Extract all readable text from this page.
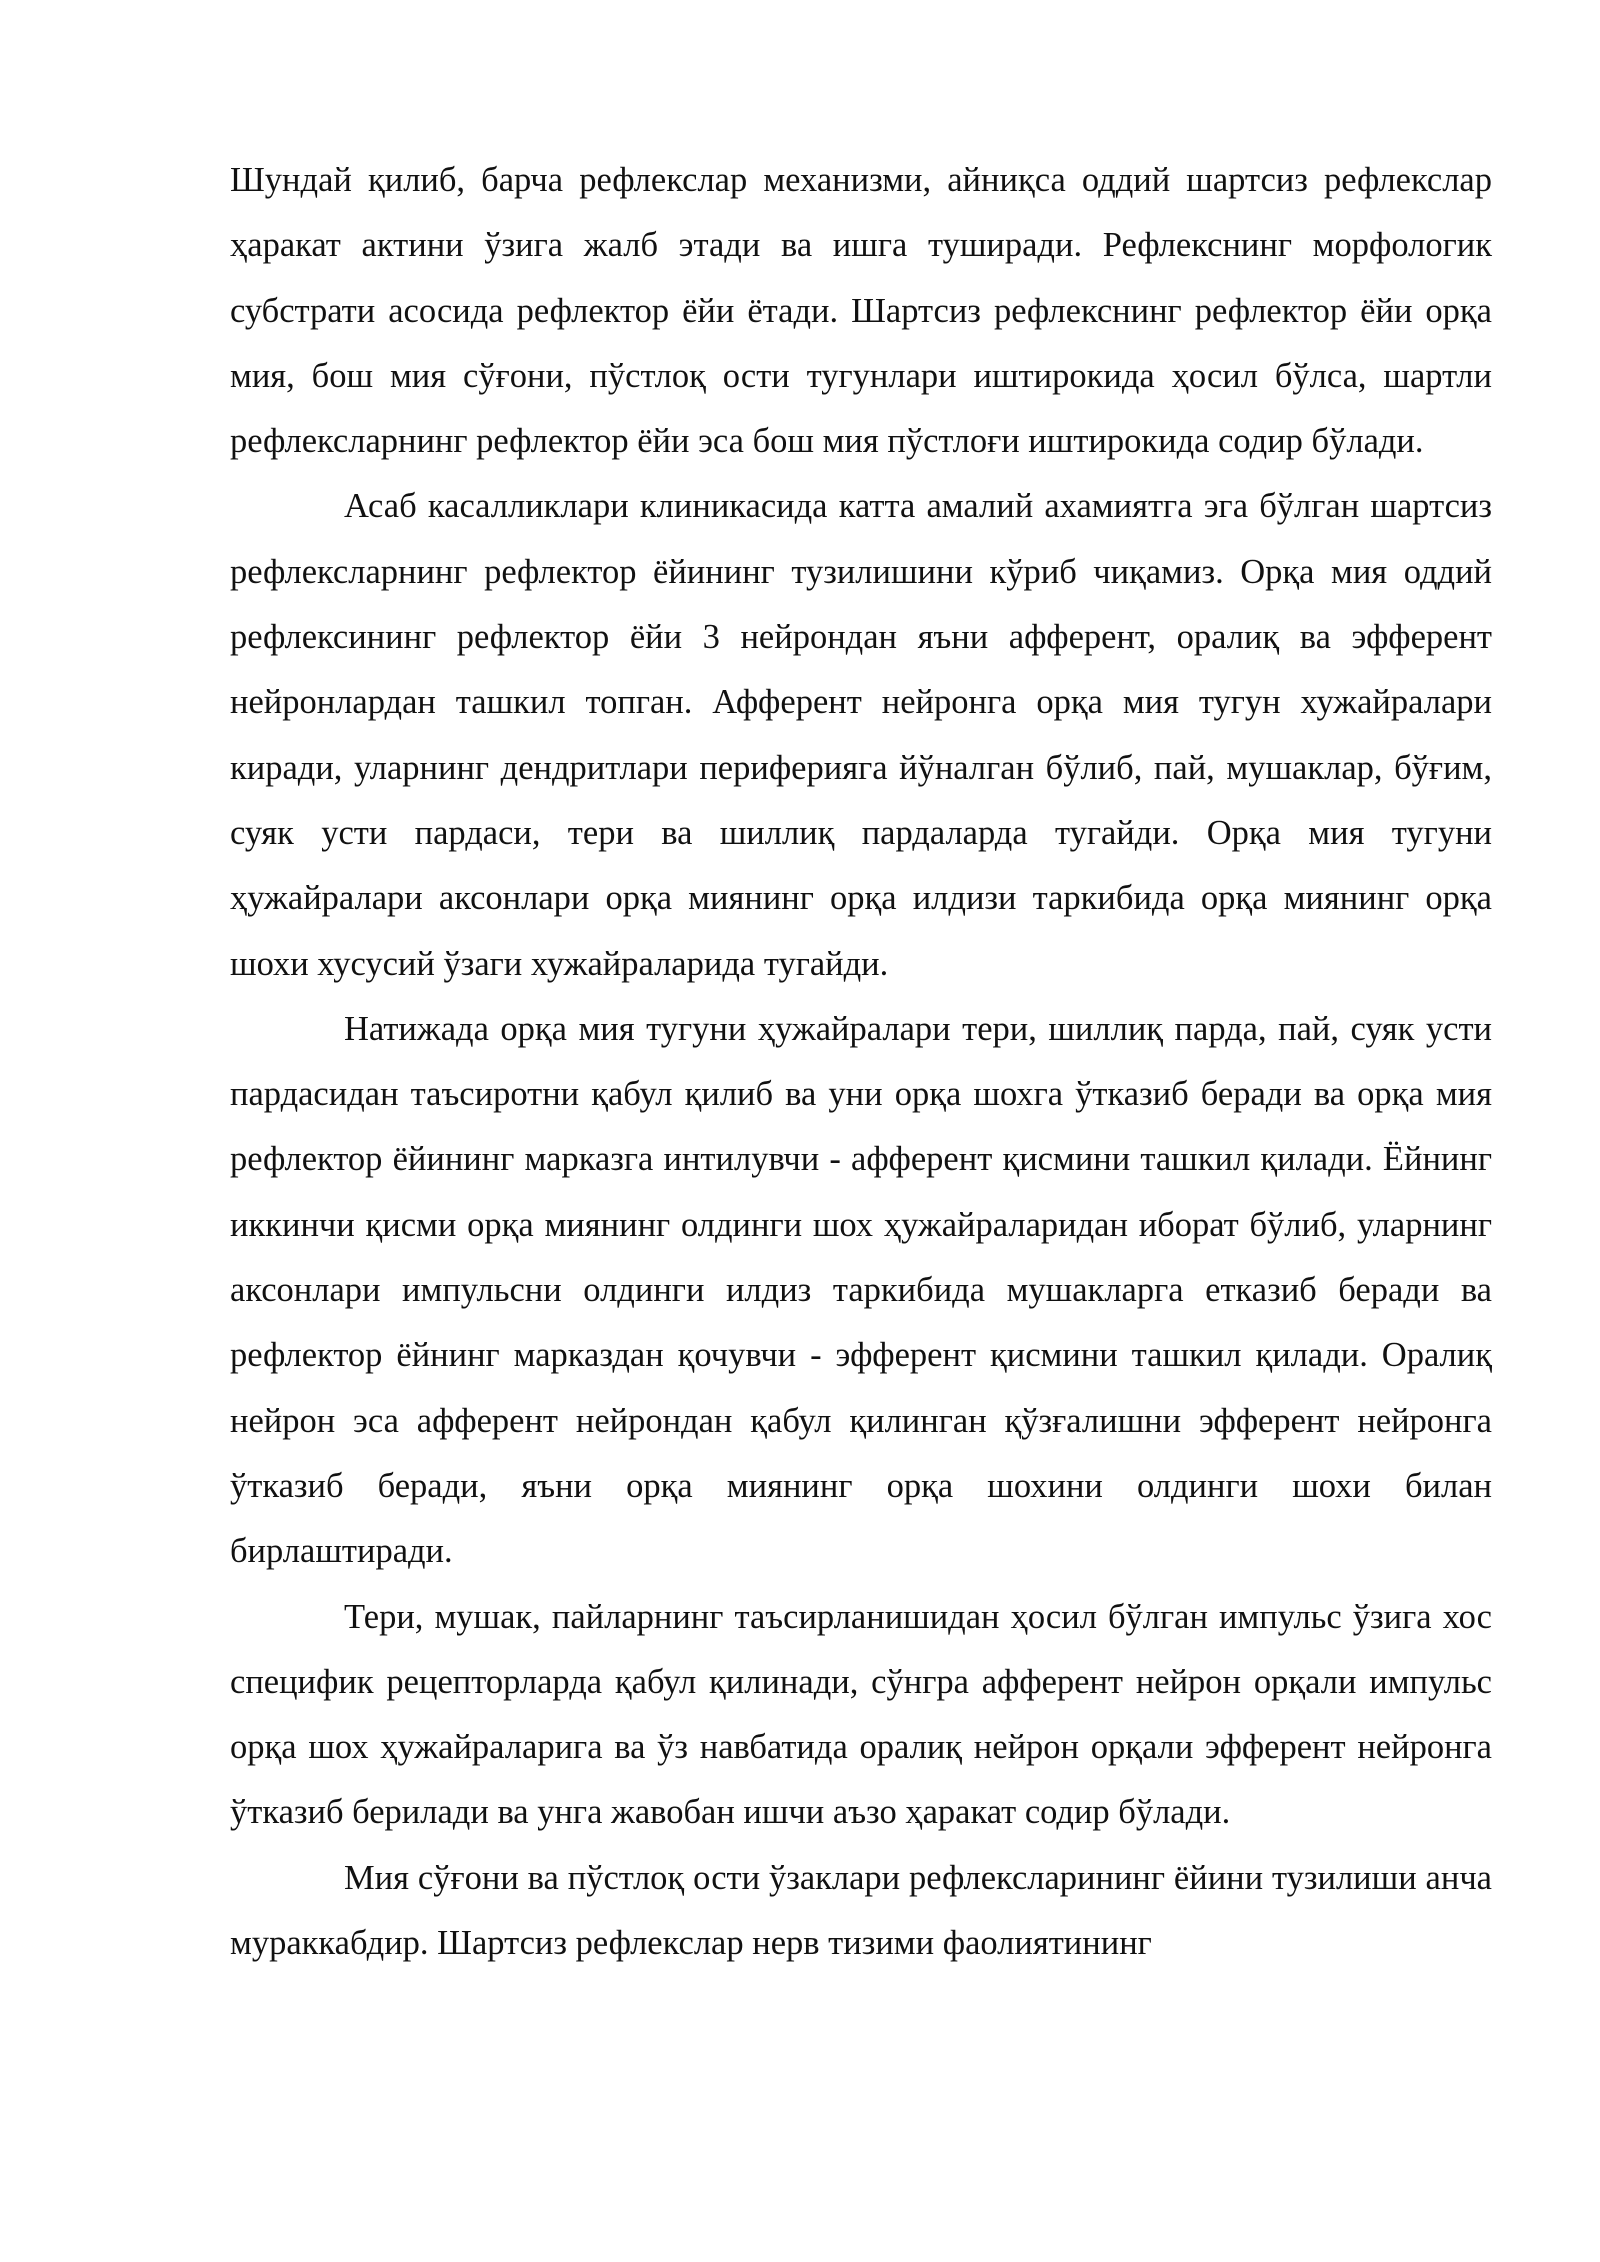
Шундай қилиб, барча рефлекслар механизми, айниқса оддий шартсиз рефлекслар ҳаракат актини ўзига жалб этади ва ишга туширади. Рефлекснинг морфологик субстрати асосида рефлектор ёйи ётади. Шартсиз рефлекснинг рефлектор ёйи орқа мия, бош мия сўғони, пўстлоқ ости тугунлари иштирокида ҳосил бўлса, шартли рефлексларнинг рефлектор ёйи эса бош мия пўстлоғи иштирокида содир бўлади.

Асаб касалликлари клиникасида катта амалий ахамиятга эга бўлган шартсиз рефлексларнинг рефлектор ёйининг тузилишини кўриб чиқамиз. Орқа мия оддий рефлексининг рефлектор ёйи 3 нейрондан яъни афферент, оралиқ ва эфферент нейронлардан ташкил топган. Афферент нейронга орқа мия тугун хужайралари киради, уларнинг дендритлари периферияга йўналган бўлиб, пай, мушаклар, бўғим, суяк усти пардаси, тери ва шиллиқ пардаларда тугайди. Орқа мия тугуни ҳужайралари аксонлари орқа миянинг орқа илдизи таркибида орқа миянинг орқа шохи хусусий ўзаги хужайраларида тугайди.

Натижада орқа мия тугуни ҳужайралари тери, шиллиқ парда, пай, суяк усти пардасидан таъсиротни қабул қилиб ва уни орқа шохга ўтказиб беради ва орқа мия рефлектор ёйининг марказга интилувчи - афферент қисмини ташкил қилади. Ёйнинг иккинчи қисми орқа миянинг олдинги шох ҳужайраларидан иборат бўлиб, уларнинг аксонлари импульсни олдинги илдиз таркибида мушакларга етказиб беради ва рефлектор ёйнинг марказдан қочувчи - эфферент қисмини ташкил қилади. Оралиқ нейрон эса афферент нейрондан қабул қилинган қўзғалишни эфферент нейронга ўтказиб беради, яъни орқа миянинг орқа шохини олдинги шохи билан бирлаштиради.

Тери, мушак, пайларнинг таъсирланишидан ҳосил бўлган импульс ўзига хос специфик рецепторларда қабул қилинади, сўнгра афферент нейрон орқали импульс орқа шох ҳужайраларига ва ўз навбатида оралиқ нейрон орқали эфферент нейронга ўтказиб берилади ва унга жавобан ишчи аъзо ҳаракат содир бўлади.

Мия сўғони ва пўстлоқ ости ўзаклари рефлексларининг ёйини тузилиши анча мураккабдир. Шартсиз рефлекслар нерв тизими фаолиятининг
